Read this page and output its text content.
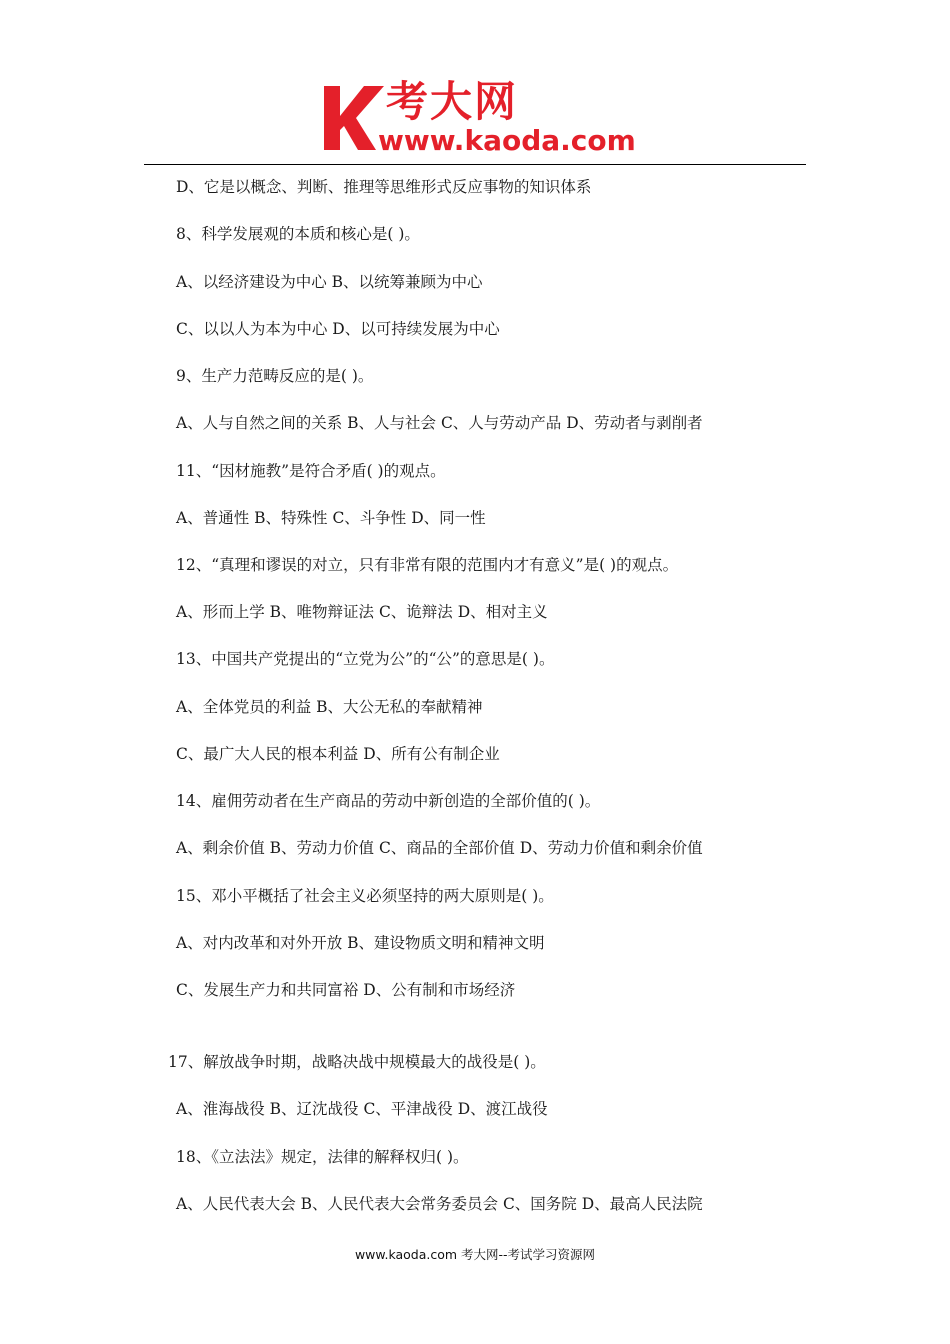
考大网
www.kaoda.com
D、它是以概念、判断、推理等思维形式反应事物的知识体系
8、科学发展观的本质和核心是( )。
A、以经济建设为中心 B、以统筹兼顾为中心
C、以以人为本为中心 D、以可持续发展为中心
9、生产力范畴反应的是( )。
A、人与自然之间的关系 B、人与社会 C、人与劳动产品 D、劳动者与剥削者
11、“因材施教”是符合矛盾( )的观点。
A、普通性 B、特殊性 C、斗争性 D、同一性
12、“真理和谬误的对立，只有非常有限的范围内才有意义”是( )的观点。
A、形而上学 B、唯物辩证法 C、诡辩法 D、相对主义
13、中国共产党提出的“立党为公”的“公”的意思是( )。
A、全体党员的利益 B、大公无私的奉献精神
C、最广大人民的根本利益 D、所有公有制企业
14、雇佣劳动者在生产商品的劳动中新创造的全部价值的( )。
A、剩余价值 B、劳动力价值 C、商品的全部价值 D、劳动力价值和剩余价值
15、邓小平概括了社会主义必须坚持的两大原则是( )。
A、对内改革和对外开放 B、建设物质文明和精神文明
C、发展生产力和共同富裕 D、公有制和市场经济
17、解放战争时期，战略决战中规模最大的战役是( )。
A、淮海战役 B、辽沈战役 C、平津战役 D、渡江战役
18、《立法法》规定，法律的解释权归( )。
A、人民代表大会 B、人民代表大会常务委员会 C、国务院 D、最高人民法院
www.kaoda.com 考大网--考试学习资源网
